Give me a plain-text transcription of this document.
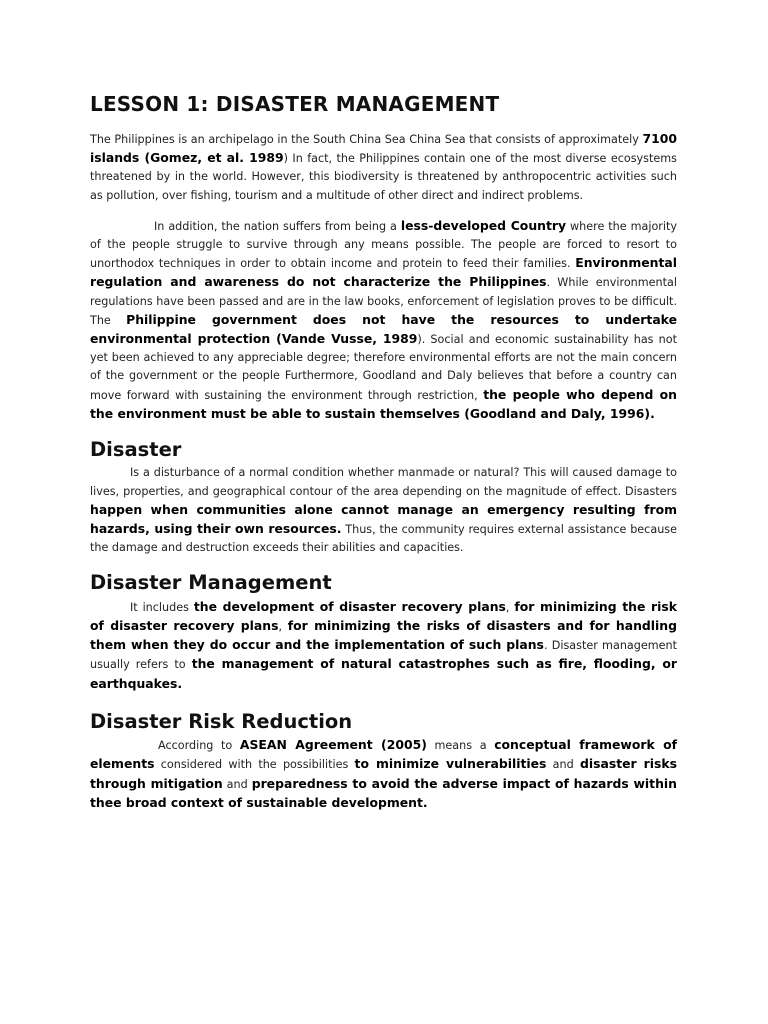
LESSON 1: DISASTER MANAGEMENT

The Philippines is an archipelago in the South China Sea China Sea that consists of approximately 7100 islands (Gomez, et al. 1989) In fact, the Philippines contain one of the most diverse ecosystems threatened by in the world. However, this biodiversity is threatened by anthropocentric activities such as pollution, over fishing, tourism and a multitude of other direct and indirect problems.

In addition, the nation suffers from being a less-developed Country where the majority of the people struggle to survive through any means possible. The people are forced to resort to unorthodox techniques in order to obtain income and protein to feed their families. Environmental regulation and awareness do not characterize the Philippines. While environmental regulations have been passed and are in the law books, enforcement of legislation proves to be difficult. The Philippine government does not have the resources to undertake environmental protection (Vande Vusse, 1989). Social and economic sustainability has not yet been achieved to any appreciable degree; therefore environmental efforts are not the main concern of the government or the people Furthermore, Goodland and Daly believes that before a country can move forward with sustaining the environment through restriction, the people who depend on the environment must be able to sustain themselves (Goodland and Daly, 1996).

Disaster

Is a disturbance of a normal condition whether manmade or natural? This will caused damage to lives, properties, and geographical contour of the area depending on the magnitude of effect. Disasters happen when communities alone cannot manage an emergency resulting from hazards, using their own resources. Thus, the community requires external assistance because the damage and destruction exceeds their abilities and capacities.

Disaster Management

It includes the development of disaster recovery plans, for minimizing the risk of disaster recovery plans, for minimizing the risks of disasters and for handling them when they do occur and the implementation of such plans. Disaster management usually refers to the management of natural catastrophes such as fire, flooding, or earthquakes.

Disaster Risk Reduction

According to ASEAN Agreement (2005) means a conceptual framework of elements considered with the possibilities to minimize vulnerabilities and disaster risks through mitigation and preparedness to avoid the adverse impact of hazards within thee broad context of sustainable development.
